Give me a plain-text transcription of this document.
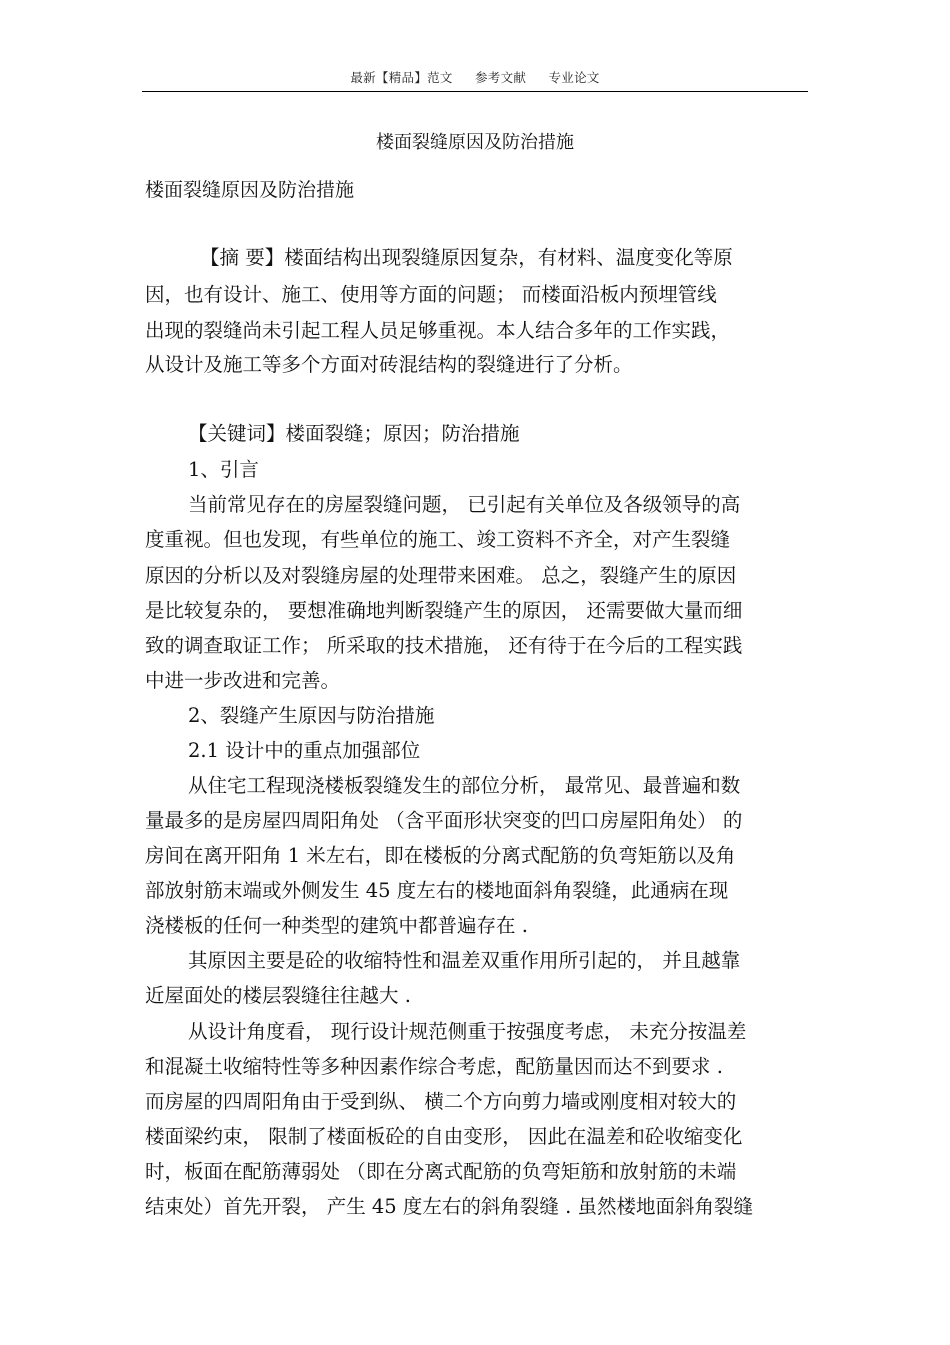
最新【精品】范文 参考文献 专业论文
楼面裂缝原因及防治措施
楼面裂缝原因及防治措施
【摘 要】楼面结构出现裂缝原因复杂，有材料、温度变化等原
因，也有设计、施工、使用等方面的问题； 而楼面沿板内预埋管线
出现的裂缝尚未引起工程人员足够重视。本人结合多年的工作实践，
从设计及施工等多个方面对砖混结构的裂缝进行了分析。
【关键词】楼面裂缝；原因；防治措施
1、引言
当前常见存在的房屋裂缝问题， 已引起有关单位及各级领导的高
度重视。但也发现，有些单位的施工、竣工资料不齐全，对产生裂缝
原因的分析以及对裂缝房屋的处理带来困难。 总之，裂缝产生的原因
是比较复杂的， 要想准确地判断裂缝产生的原因， 还需要做大量而细
致的调查取证工作； 所采取的技术措施， 还有待于在今后的工程实践
中进一步改进和完善。
2、裂缝产生原因与防治措施
2.1 设计中的重点加强部位
从住宅工程现浇楼板裂缝发生的部位分析， 最常见、最普遍和数
量最多的是房屋四周阳角处 （含平面形状突变的凹口房屋阳角处） 的
房间在离开阳角 1 米左右，即在楼板的分离式配筋的负弯矩筋以及角
部放射筋末端或外侧发生 45 度左右的楼地面斜角裂缝，此通病在现
浇楼板的任何一种类型的建筑中都普遍存在 .
其原因主要是砼的收缩特性和温差双重作用所引起的， 并且越靠
近屋面处的楼层裂缝往往越大 .
从设计角度看， 现行设计规范侧重于按强度考虑， 未充分按温差
和混凝土收缩特性等多种因素作综合考虑，配筋量因而达不到要求 .
而房屋的四周阳角由于受到纵、 横二个方向剪力墙或刚度相对较大的
楼面梁约束， 限制了楼面板砼的自由变形， 因此在温差和砼收缩变化
时，板面在配筋薄弱处 （即在分离式配筋的负弯矩筋和放射筋的未端
结束处）首先开裂， 产生 45 度左右的斜角裂缝 . 虽然楼地面斜角裂缝
